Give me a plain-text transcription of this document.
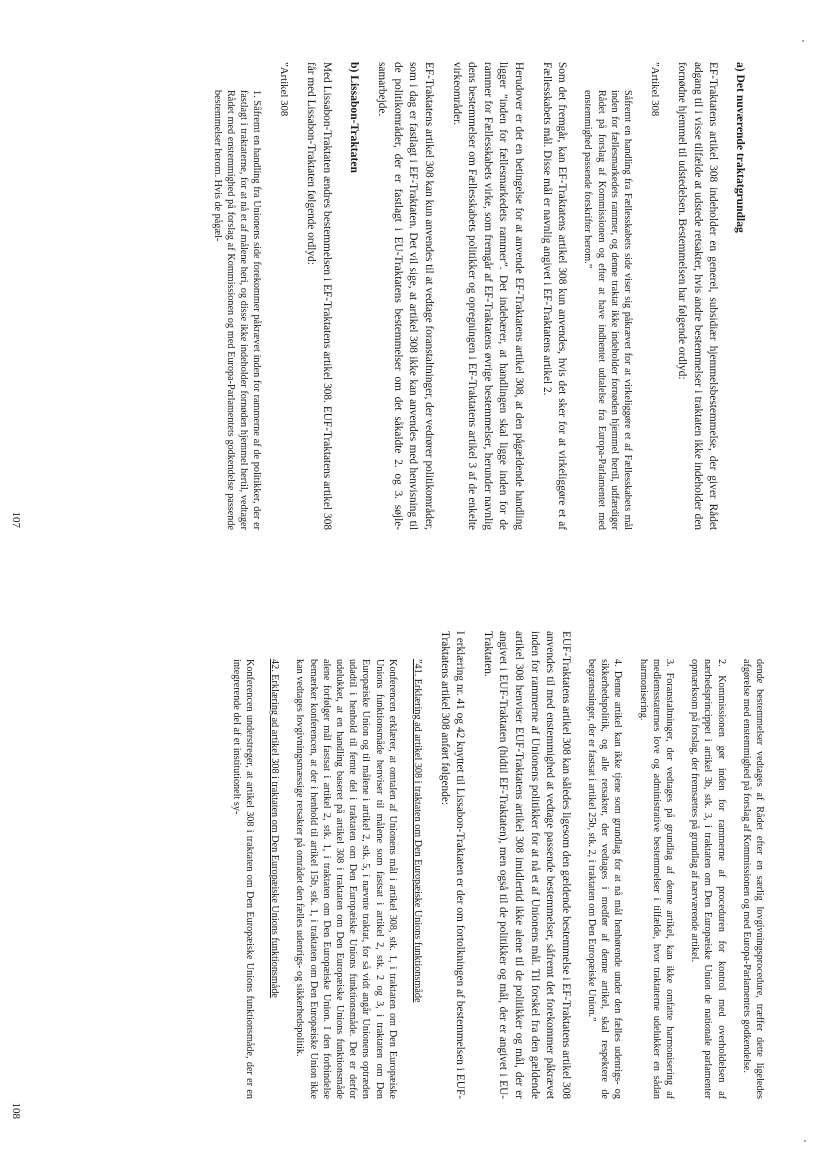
a) Det nuværende traktatgrundlag

EF-Traktatens artikel 308 indeholder en generel, subsidiær hjemmelsbestemmelse, der giver Rådet adgang til i visse tilfælde at udstede retsakter, hvis andre bestemmelser i traktaten ikke indeholder den fornødne hjemmel til udstedelsen. Bestemmelsen har følgende ordlyd:

”Artikel 308

Såfremt en handling fra Fællesskabets side viser sig påkrævet for at virkeliggøre et af Fællesskabets mål inden for fællesmarkedets rammer, og denne traktat ikke indeholder fornøden hjemmel hertil, udfærdiger Rådet på forslag af Kommissionen og efter at have indhentet udtalelse fra Europa-Parlamentet med enstemmighed passende forskrifter herom.”

Som det fremgår, kan EF-Traktatens artikel 308 kun anvendes, hvis det sker for at virkeliggøre et af Fællesskabets mål. Disse mål er navnlig angivet i EF-Traktatens artikel 2.

Herudover er det en betingelse for at anvende EF-Traktatens artikel 308, at den pågældende handling ligger ”inden for fællesmarkedets rammer”. Det indebærer, at handlingen skal ligge inden for de rammer for Fællesskabets virke, som fremgår af EF-Traktatens øvrige bestemmelser, herunder navnlig dens bestemmelser om Fællesskabets politikker og opregningen i EF-Traktatens artikel 3 af de enkelte virkeområder.

EF-Traktatens artikel 308 kan kun anvendes til at vedtage foranstaltninger, der vedrører politikområder, som i dag er fastlagt i EF-Traktaten. Det vil sige, at artikel 308 ikke kan anvendes med henvisning til de politikområder, der er fastlagt i EU-Traktatens bestemmelser om det såkaldte 2. og 3. søjle-samarbejde.

b) Lissabon-Traktaten

Med Lissabon-Traktaten ændres bestemmelsen i EF-Traktatens artikel 308. EUF-Traktatens artikel 308 får med Lissabon-Traktaten følgende ordlyd:

”Artikel 308

1. Såfremt en handling fra Unionens side forekommer påkrævet inden for rammerne af de politikker, der er fastlagt i traktaterne, for at nå et af målene heri, og disse ikke indeholder fornøden hjemmel hertil, vedtager Rådet med enstemmighed på forslag af Kommissionen og med Europa-Parlamentets godkendelse passende bestemmelser herom. Hvis de pågæl-

107

dende bestemmelser vedtages af Rådet efter en særlig lovgivningsprocedure, træffer dette ligeledes afgørelse med enstemmighed på forslag af Kommissionen og med Europa-Parlamentets godkendelse.

2. Kommissionen gør inden for rammerne af proceduren for kontrol med overholdelsen af nærhedsprincippet i artikel 3b, stk. 3, i traktaten om Den Europæiske Union de nationale parlamenter opmærksom på forslag, der fremsættes på grundlag af nærværende artikel.

3. Foranstaltninger, der vedtages på grundlag af denne artikel, kan ikke omfatte harmonisering af medlemsstaternes love og administrative bestemmelser i tilfælde, hvor traktaterne udelukker en sådan harmonisering.

4. Denne artikel kan ikke tjene som grundlag for at nå mål henhørende under den fælles udenrigs- og sikkerhedspolitik, og alle retsakter, der vedtages i medfør af denne artikel, skal respektere de begrænsninger, der er fastsat i artikel 25b, stk. 2, i traktaten om Den Europæiske Union.”

EUF-Traktatens artikel 308 kan således ligesom den gældende bestemmelse i EF-Traktatens artikel 308 anvendes til med enstemmighed at vedtage passende bestemmelser, såfremt det forekommer påkrævet inden for rammerne af Unionens politikker for at nå et af Unionens mål. Til forskel fra den gældende artikel 308 henviser EUF-Traktatens artikel 308 imidlertid ikke alene til de politikker og mål, der er angivet i EUF-Traktaten (hidtil EF-Traktaten), men også til de politikker og mål, der er angivet i EU-Traktaten.

I erklæring nr. 41 og 42 knyttet til Lissabon-Traktaten er der om fortolkningen af bestemmelsen i EUF-Traktatens artikel 308 anført følgende:

”41. Erklæring ad artikel 308 i traktaten om Den Europæiske Unions funktionsmåde

Konferencen erklærer, at omtalen af Unionens mål i artikel 308, stk. 1, i traktaten om Den Europæiske Unions funktionsmåde henviser til målene som fastsat i artikel 2, stk. 2 og 3, i traktaten om Den Europæiske Union og til målene i artikel 2, stk. 5, i nævnte traktat, for så vidt angår Unionens optræden udadtil i henhold til femte del i traktaten om Den Europæiske Unions funktionsmåde. Det er derfor udelukket, at en handling baseret på artikel 308 i traktaten om Den Europæiske Unions funktionsmåde alene forfølger mål fastsat i artikel 2, stk. 1, i traktaten om Den Europæiske Union. I den forbindelse bemærker konferencen, at der i henhold til artikel 15b, stk. 1, i traktaten om Den Europæiske Union ikke kan vedtages lovgivningsmæssige retsakter på området den fælles udenrigs- og sikkerhedspolitik.

42. Erklæring ad artikel 308 i traktaten om Den Europæiske Unions funktionsmåde

Konferencen understreger, at artikel 308 i traktaten om Den Europæiske Unions funktionsmåde, der er en integrerende del af et institutionelt sy-

108
